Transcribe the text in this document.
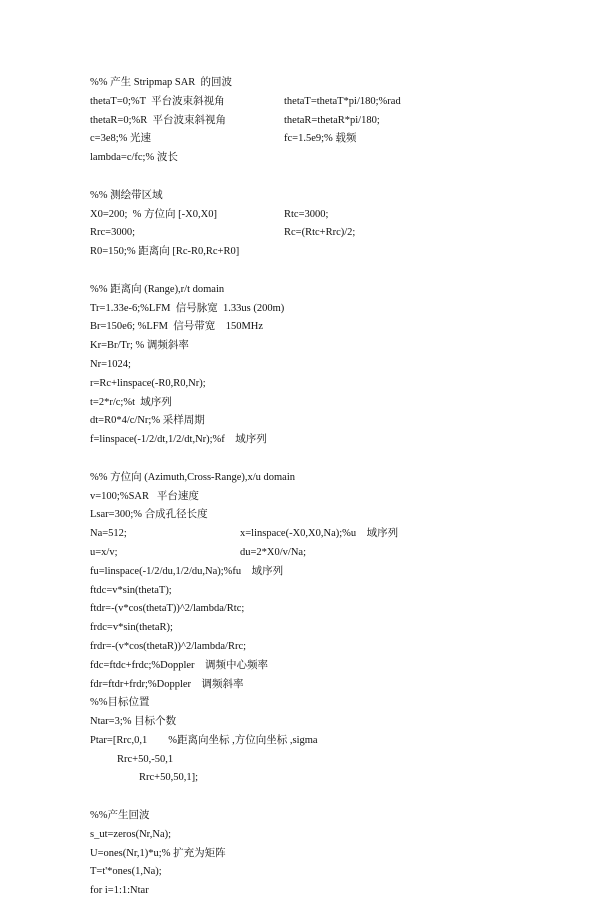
%% 产生 Stripmap SAR  的回波
thetaT=0;%T  平台波束斜视角	thetaT=thetaT*pi/180;%rad
thetaR=0;%R  平台波束斜视角	thetaR=thetaR*pi/180;
c=3e8;% 光速	fc=1.5e9;% 载频
lambda=c/fc;% 波长
%% 测绘带区域
X0=200;  % 方位向 [-X0,X0]	Rtc=3000;
Rrc=3000;	Rc=(Rtc+Rrc)/2;
R0=150;% 距离向 [Rc-R0,Rc+R0]
%% 距离向 (Range),r/t domain
Tr=1.33e-6;%LFM  信号脉宽  1.33us (200m)
Br=150e6; %LFM  信号带宽    150MHz
Kr=Br/Tr; % 调频斜率
Nr=1024;
r=Rc+linspace(-R0,R0,Nr);
t=2*r/c;%t  域序列
dt=R0*4/c/Nr;% 采样周期
f=linspace(-1/2/dt,1/2/dt,Nr);%f    域序列
%% 方位向 (Azimuth,Cross-Range),x/u domain
v=100;%SAR   平台速度
Lsar=300;% 合成孔径长度
Na=512;	x=linspace(-X0,X0,Na);%u    域序列
u=x/v;	du=2*X0/v/Na;
fu=linspace(-1/2/du,1/2/du,Na);%fu    域序列
ftdc=v*sin(thetaT);
ftdr=-(v*cos(thetaT))^2/lambda/Rtc;
frdc=v*sin(thetaR);
frdr=-(v*cos(thetaR))^2/lambda/Rrc;
fdc=ftdc+frdc;%Doppler    调频中心频率
fdr=ftdr+frdr;%Doppler    调频斜率
%%目标位置
Ntar=3;% 目标个数
Ptar=[Rrc,0,1        %距离向坐标 ,方位向坐标 ,sigma
Rrc+50,-50,1
Rrc+50,50,1];
%%产生回波
s_ut=zeros(Nr,Na);
U=ones(Nr,1)*u;% 扩充为矩阵
T=t'*ones(1,Na);
for i=1:1:Ntar
